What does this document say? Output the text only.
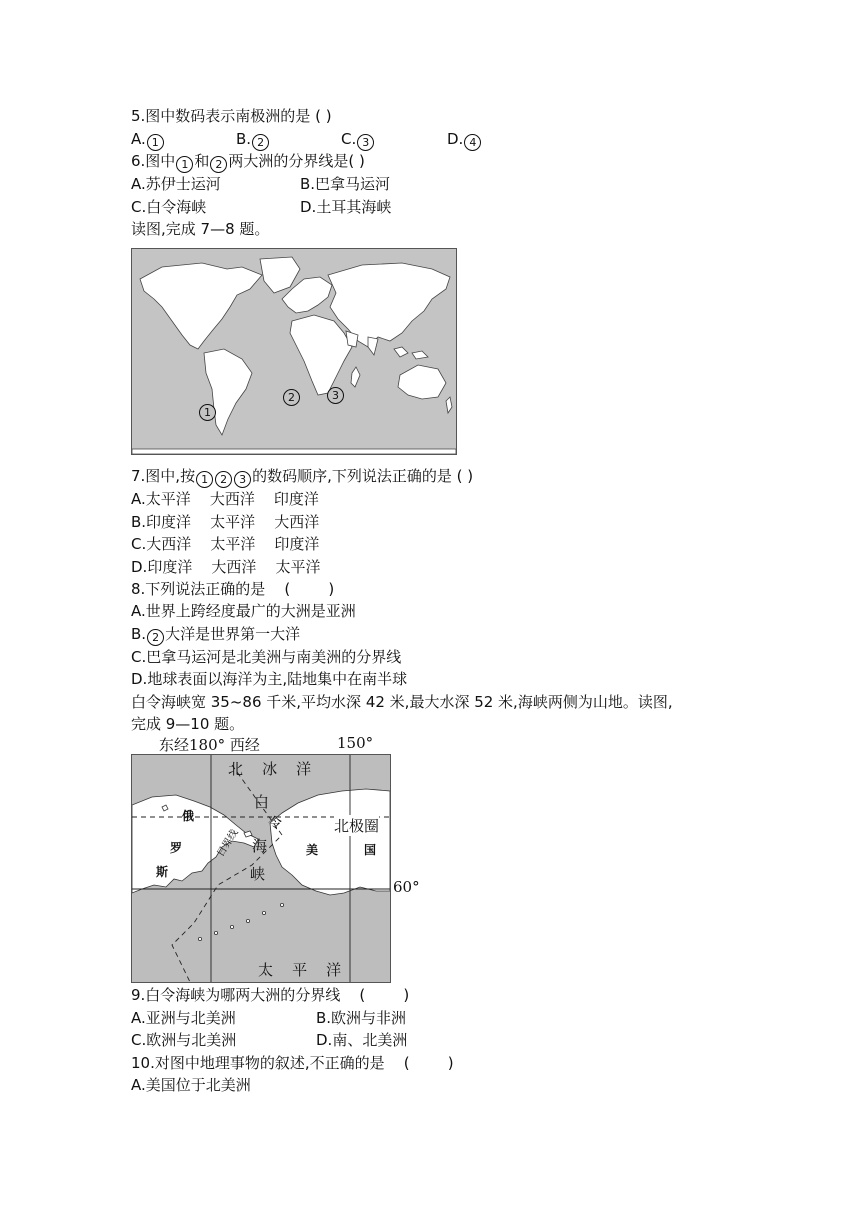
5.图中数码表示南极洲的是 ( )
A. 1	B. 2	C. 3	D. 4
6.图中 1 和 2 两大洲的分界线是( )
A.苏伊士运河	B.巴拿马运河
C.白令海峡	D.土耳其海峡
读图,完成 7—8 题。
1
2	3
7.图中,按 1 2 3 的数码顺序,下列说法正确的是 ( )
A.太平洋    大西洋    印度洋
B.印度洋    太平洋    大西洋
C.大西洋    太平洋    印度洋
D.印度洋    大西洋    太平洋
8.下列说法正确的是    (        )
A.世界上跨经度最广的大洲是亚洲
B. 2 大洋是世界第一大洋
C.巴拿马运河是北美洲与南美洲的分界线
D.地球表面以海洋为主,陆地集中在南半球
白令海峡宽 35~86 千米,平均水深 42 米,最大水深 52 米,海峡两侧为山地。读图,
完成 9—10 题。
东经180° 西经	150°
北    冰    洋
白
令
海
峡
俄
罗
斯
美	国
北极圈
日界线
太    平    洋
60°
9.白令海峡为哪两大洲的分界线    (        )
A.亚洲与北美洲	B.欧洲与非洲
C.欧洲与北美洲	D.南、北美洲
10.对图中地理事物的叙述,不正确的是    (        )
A.美国位于北美洲
